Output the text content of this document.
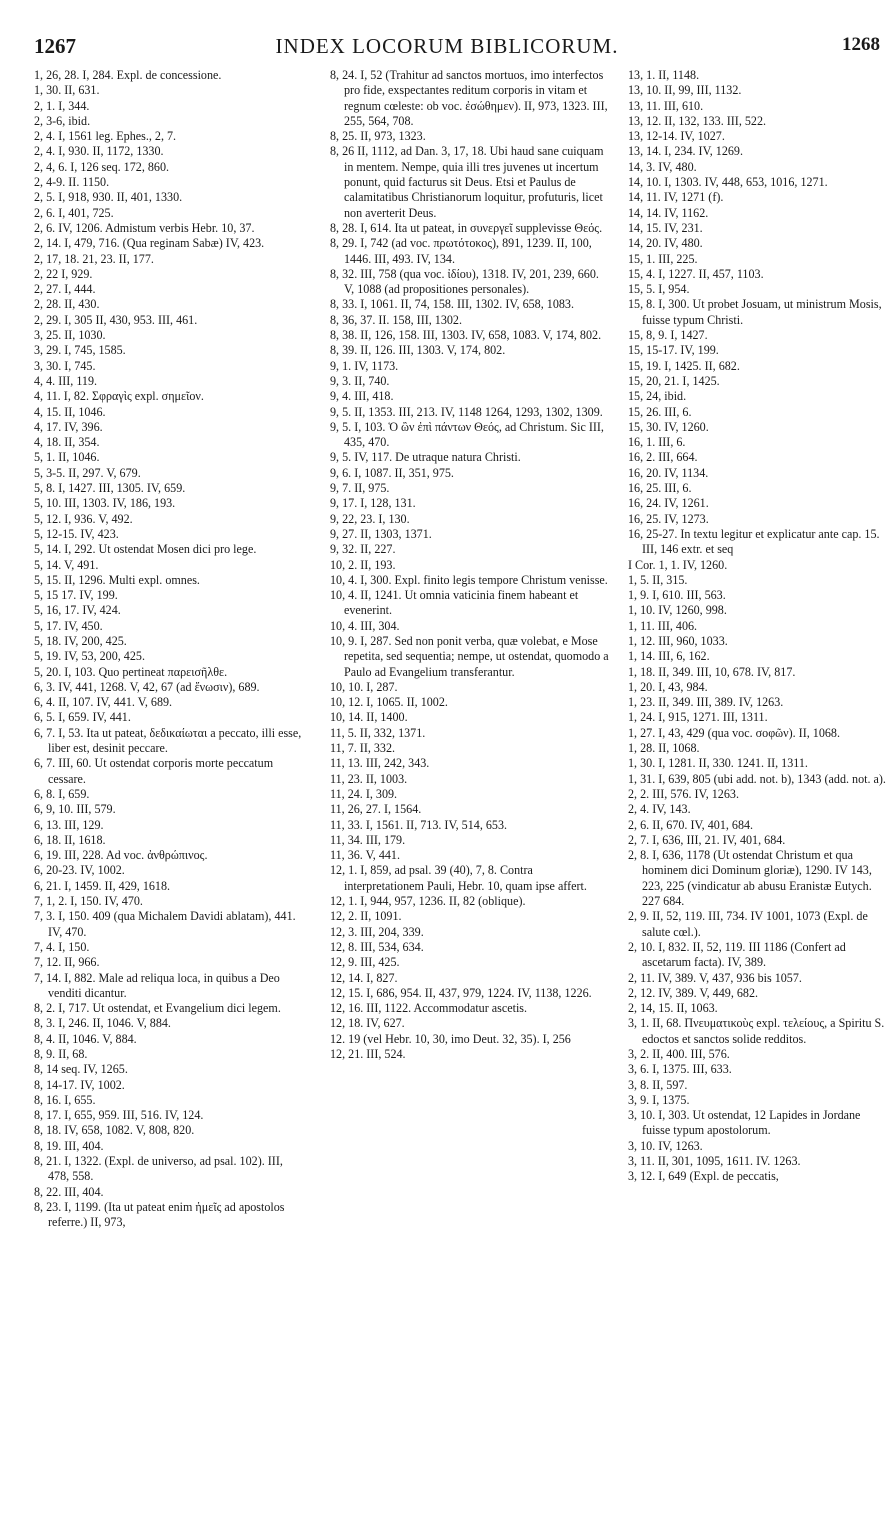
1267	INDEX LOCORUM BIBLICORUM.	1268

1, 26, 28. I, 284. Expl. de concessione.

1, 30. II, 631.

2, 1. I, 344.

2, 3-6, ibid.

2, 4. I, 1561 leg. Ephes., 2, 7.

2, 4. I, 930. II, 1172, 1330.

2, 4, 6. I, 126 seq. 172, 860.

2, 4-9. II. 1150.

2, 5. I, 918, 930. II, 401, 1330.

2, 6. I, 401, 725.

2, 6. IV, 1206. Admistum verbis Hebr. 10, 37.

2, 14. I, 479, 716. (Qua reginam Sabæ) IV, 423.

2, 17, 18. 21, 23. II, 177.

2, 22 I, 929.

2, 27. I, 444.

2, 28. II, 430.

2, 29. I, 305 II, 430, 953. III, 461.

3, 25. II, 1030.

3, 29. I, 745, 1585.

3, 30. I, 745.

4, 4. III, 119.

4, 11. I, 82. Σφραγὶς expl. σημεῖον.

4, 15. II, 1046.

4, 17. IV, 396.

4, 18. II, 354.

5, 1. II, 1046.

5, 3-5. II, 297. V, 679.

5, 8. I, 1427. III, 1305. IV, 659.

5, 10. III, 1303. IV, 186, 193.

5, 12. I, 936. V, 492.

5, 12-15. IV, 423.

5, 14. I, 292. Ut ostendat Mosen dici pro lege.

5, 14. V, 491.

5, 15. II, 1296. Multi expl. omnes.

5, 15 17. IV, 199.

5, 16, 17. IV, 424.

5, 17. IV, 450.

5, 18. IV, 200, 425.

5, 19. IV, 53, 200, 425.

5, 20. I, 103. Quo pertineat παρεισῆλθε.

6, 3. IV, 441, 1268. V, 42, 67 (ad ἕνωσιν), 689.

6, 4. II, 107. IV, 441. V, 689.

6, 5. I, 659. IV, 441.

6, 7. I, 53. Ita ut pateat, δεδικαίωται a peccato, illi esse, liber est, desinit peccare.

6, 7. III, 60. Ut ostendat corporis morte peccatum cessare.

6, 8. I, 659.

6, 9, 10. III, 579.

6, 13. III, 129.

6, 18. II, 1618.

6, 19. III, 228. Ad voc. ἀνθρώπινος.

6, 20-23. IV, 1002.

6, 21. I, 1459. II, 429, 1618.

7, 1, 2. I, 150. IV, 470.

7, 3. I, 150. 409 (qua Michalem Davidi ablatam), 441. IV, 470.

7, 4. I, 150.

7, 12. II, 966.

7, 14. I, 882. Male ad reliqua loca, in quibus a Deo venditi dicantur.

8, 2. I, 717. Ut ostendat, et Evangelium dici legem.

8, 3. I, 246. II, 1046. V, 884.

8, 4. II, 1046. V, 884.

8, 9. II, 68.

8, 14 seq. IV, 1265.

8, 14-17. IV, 1002.

8, 16. I, 655.

8, 17. I, 655, 959. III, 516. IV, 124.

8, 18. IV, 658, 1082. V, 808, 820.

8, 19. III, 404.

8, 21. I, 1322. (Expl. de universo, ad psal. 102). III, 478, 558.

8, 22. III, 404.

8, 23. I, 1199. (Ita ut pateat enim ἡμεῖς ad apostolos referre.) II, 973,

8, 24. I, 52 (Trahitur ad sanctos mortuos, imo interfectos pro fide, exspectantes reditum corporis in vitam et regnum cœleste: ob voc. ἐσώθημεν). II, 973, 1323. III, 255, 564, 708.

8, 25. II, 973, 1323.

8, 26 II, 1112, ad Dan. 3, 17, 18. Ubi haud sane cuiquam in mentem. Nempe, quia illi tres juvenes ut incertum ponunt, quid facturus sit Deus. Etsi et Paulus de calamitatibus Christianorum loquitur, profuturis, licet non averterit Deus.

8, 28. I, 614. Ita ut pateat, in συνεργεῖ supplevisse Θεός.

8, 29. I, 742 (ad voc. πρωτότοκος), 891, 1239. II, 100, 1446. III, 493. IV, 134.

8, 32. III, 758 (qua voc. ἰδίου), 1318. IV, 201, 239, 660. V, 1088 (ad propositiones personales).

8, 33. I, 1061. II, 74, 158. III, 1302. IV, 658, 1083.

8, 36, 37. II. 158, III, 1302.

8, 38. II, 126, 158. III, 1303. IV, 658, 1083. V, 174, 802.

8, 39. II, 126. III, 1303. V, 174, 802.

9, 1. IV, 1173.

9, 3. II, 740.

9, 4. III, 418.

9, 5. II, 1353. III, 213. IV, 1148 1264, 1293, 1302, 1309.

9, 5. I, 103. Ὁ ὢν ἐπὶ πάντων Θεός, ad Christum. Sic III, 435, 470.

9, 5. IV, 117. De utraque natura Christi.

9, 6. I, 1087. II, 351, 975.

9, 7. II, 975.

9, 17. I, 128, 131.

9, 22, 23. I, 130.

9, 27. II, 1303, 1371.

9, 32. II, 227.

10, 2. II, 193.

10, 4. I, 300. Expl. finito legis tempore Christum venisse.

10, 4. II, 1241. Ut omnia vaticinia finem habeant et evenerint.

10, 4. III, 304.

10, 9. I, 287. Sed non ponit verba, quæ volebat, e Mose repetita, sed sequentia; nempe, ut ostendat, quomodo a Paulo ad Evangelium transferantur.

10, 10. I, 287.

10, 12. I, 1065. II, 1002.

10, 14. II, 1400.

11, 5. II, 332, 1371.

11, 7. II, 332.

11, 13. III, 242, 343.

11, 23. II, 1003.

11, 24. I, 309.

11, 26, 27. I, 1564.

11, 33. I, 1561. II, 713. IV, 514, 653.

11, 34. III, 179.

11, 36. V, 441.

12, 1. I, 859, ad psal. 39 (40), 7, 8. Contra interpretationem Pauli, Hebr. 10, quam ipse affert.

12, 1. I, 944, 957, 1236. II, 82 (oblique).

12, 2. II, 1091.

12, 3. III, 204, 339.

12, 8. III, 534, 634.

12, 9. III, 425.

12, 14. I, 827.

12, 15. I, 686, 954. II, 437, 979, 1224. IV, 1138, 1226.

12, 16. III, 1122. Accommodatur ascetis.

12, 18. IV, 627.

12. 19 (vel Hebr. 10, 30, imo Deut. 32, 35). I, 256

12, 21. III, 524.

13, 1. II, 1148.

13, 10. II, 99, III, 1132.

13, 11. III, 610.

13, 12. II, 132, 133. III, 522.

13, 12-14. IV, 1027.

13, 14. I, 234. IV, 1269.

14, 3. IV, 480.

14, 10. I, 1303. IV, 448, 653, 1016, 1271.

14, 11. IV, 1271 (f).

14, 14. IV, 1162.

14, 15. IV, 231.

14, 20. IV, 480.

15, 1. III, 225.

15, 4. I, 1227. II, 457, 1103.

15, 5. I, 954.

15, 8. I, 300. Ut probet Josuam, ut ministrum Mosis, fuisse typum Christi.

15, 8, 9. I, 1427.

15, 15-17. IV, 199.

15, 19. I, 1425. II, 682.

15, 20, 21. I, 1425.

15, 24, ibid.

15, 26. III, 6.

15, 30. IV, 1260.

16, 1. III, 6.

16, 2. III, 664.

16, 20. IV, 1134.

16, 25. III, 6.

16, 24. IV, 1261.

16, 25. IV, 1273.

16, 25-27. In textu legitur et explicatur ante cap. 15. III, 146 extr. et seq

I Cor. 1, 1. IV, 1260.

1, 5. II, 315.

1, 9. I, 610. III, 563.

1, 10. IV, 1260, 998.

1, 11. III, 406.

1, 12. III, 960, 1033.

1, 14. III, 6, 162.

1, 18. II, 349. III, 10, 678. IV, 817.

1, 20. I, 43, 984.

1, 23. II, 349. III, 389. IV, 1263.

1, 24. I, 915, 1271. III, 1311.

1, 27. I, 43, 429 (qua voc. σοφῶν). II, 1068.

1, 28. II, 1068.

1, 30. I, 1281. II, 330. 1241. II, 1311.

1, 31. I, 639, 805 (ubi add. not. b), 1343 (add. not. a).

2, 2. III, 576. IV, 1263.

2, 4. IV, 143.

2, 6. II, 670. IV, 401, 684.

2, 7. I, 636, III, 21. IV, 401, 684.

2, 8. I, 636, 1178 (Ut ostendat Christum et qua hominem dici Dominum gloriæ), 1290. IV 143, 223, 225 (vindicatur ab abusu Eranistæ Eutych. 227 684.

2, 9. II, 52, 119. III, 734. IV 1001, 1073 (Expl. de salute cœl.).

2, 10. I, 832. II, 52, 119. III 1186 (Confert ad ascetarum facta). IV, 389.

2, 11. IV, 389. V, 437, 936 bis 1057.

2, 12. IV, 389. V, 449, 682.

2, 14, 15. II, 1063.

3, 1. II, 68. Πνευματικοὺς expl. τελείους, a Spiritu S. edoctos et sanctos solide redditos.

3, 2. II, 400. III, 576.

3, 6. I, 1375. III, 633.

3, 8. II, 597.

3, 9. I, 1375.

3, 10. I, 303. Ut ostendat, 12 Lapides in Jordane fuisse typum apostolorum.

3, 10. IV, 1263.

3, 11. II, 301, 1095, 1611. IV. 1263.

3, 12. I, 649 (Expl. de peccatis,
